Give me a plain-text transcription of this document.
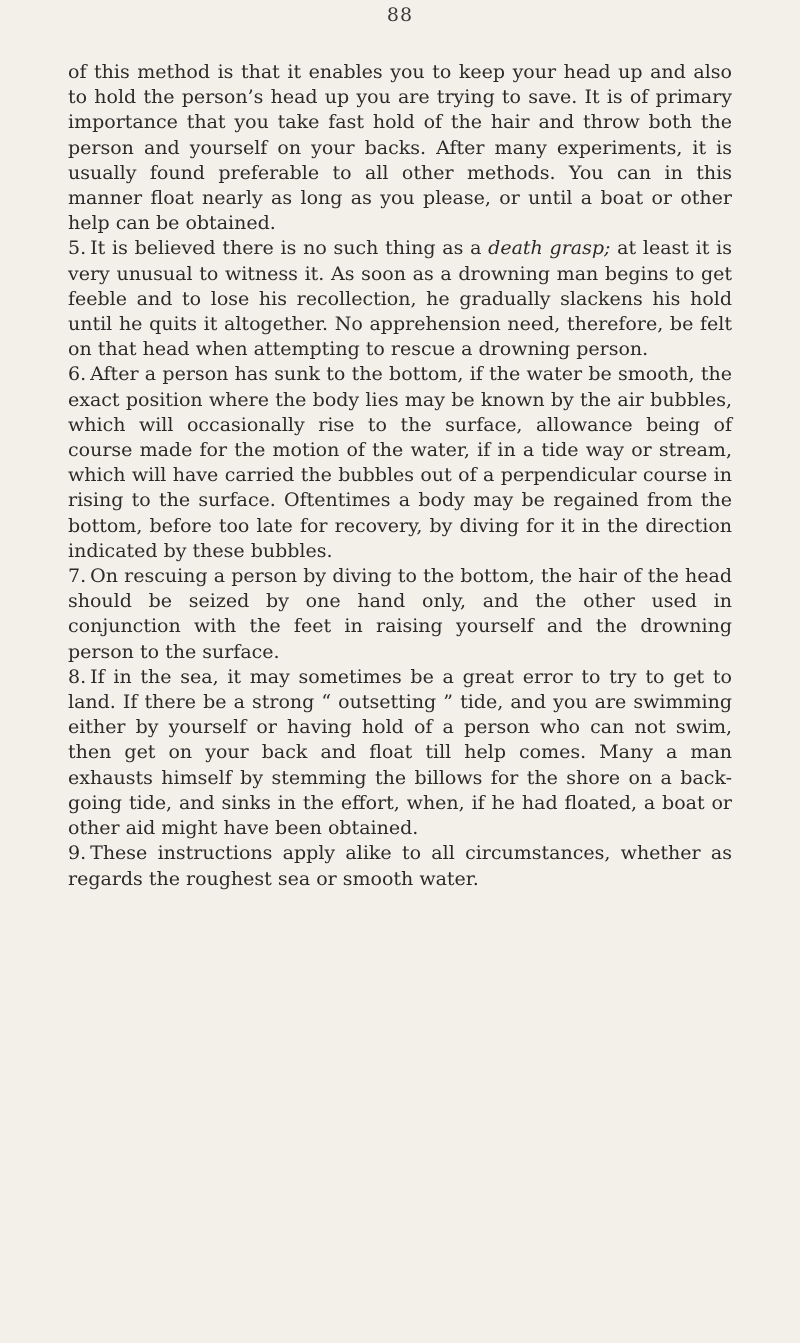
88

of this method is that it enables you to keep your head up and also to hold the person’s head up you are trying to save. It is of primary importance that you take fast hold of the hair and throw both the person and yourself on your backs. After many experiments, it is usually found preferable to all other methods. You can in this manner float nearly as long as you please, or until a boat or other help can be obtained.

5. It is believed there is no such thing as a death grasp; at least it is very unusual to witness it. As soon as a drowning man begins to get feeble and to lose his recollection, he gradually slackens his hold until he quits it altogether. No apprehension need, therefore, be felt on that head when attempting to rescue a drowning person.

6. After a person has sunk to the bottom, if the water be smooth, the exact position where the body lies may be known by the air bubbles, which will occasionally rise to the surface, allowance being of course made for the motion of the water, if in a tide way or stream, which will have carried the bubbles out of a perpendicular course in rising to the surface. Oftentimes a body may be regained from the bottom, before too late for recovery, by diving for it in the direction indicated by these bubbles.

7. On rescuing a person by diving to the bottom, the hair of the head should be seized by one hand only, and the other used in conjunction with the feet in raising yourself and the drowning person to the surface.

8. If in the sea, it may sometimes be a great error to try to get to land. If there be a strong “ outsetting ” tide, and you are swimming either by yourself or having hold of a person who can not swim, then get on your back and float till help comes. Many a man exhausts himself by stemming the billows for the shore on a back-going tide, and sinks in the effort, when, if he had floated, a boat or other aid might have been obtained.

9. These instructions apply alike to all circumstances, whether as regards the roughest sea or smooth water.
